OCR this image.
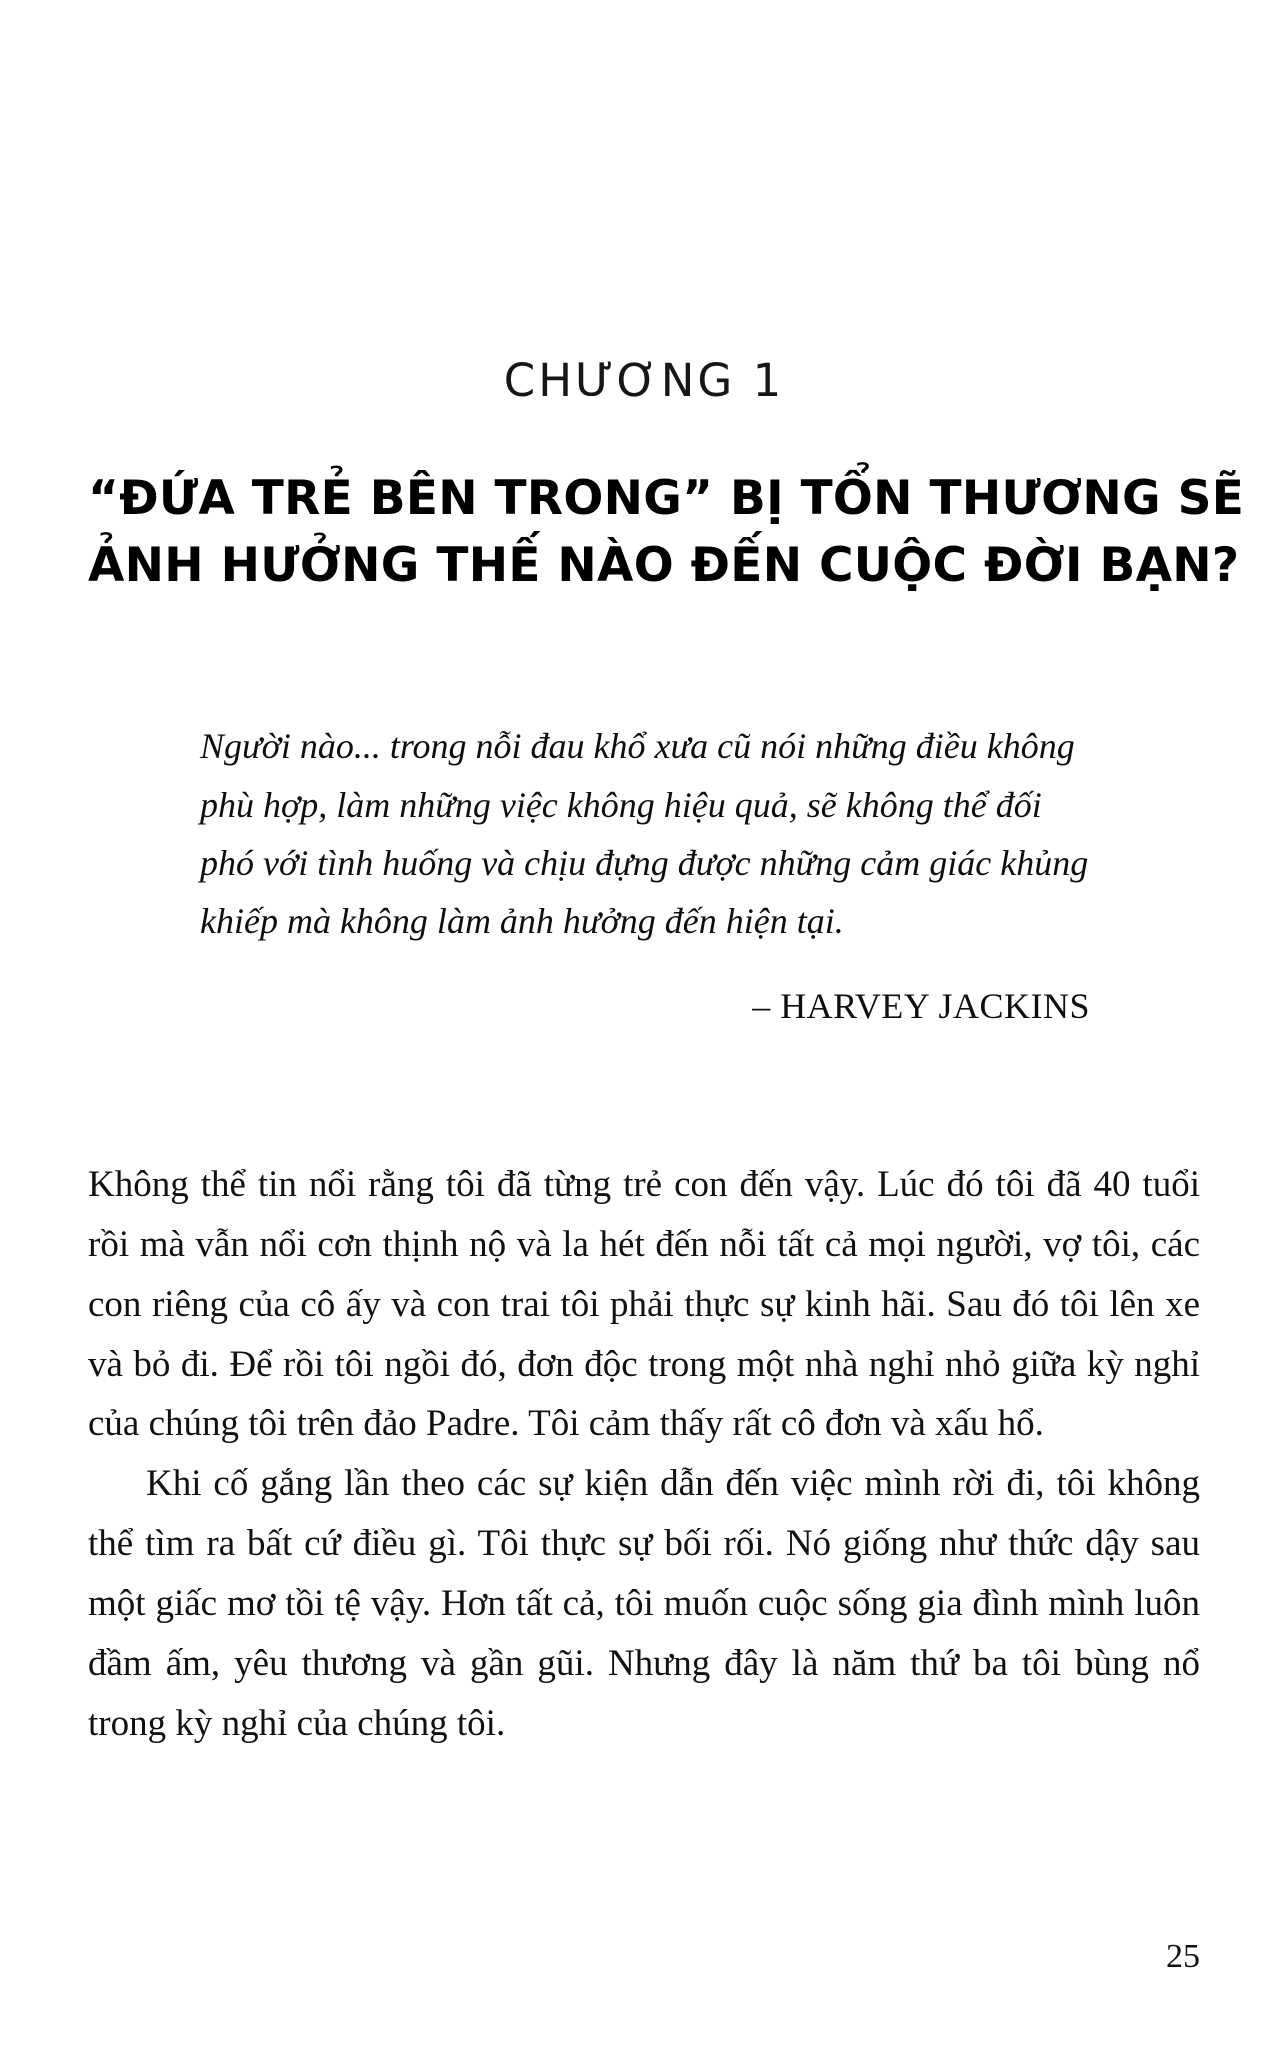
CHƯƠNG 1
“ĐỨA TRẺ BÊN TRONG” BỊ TỔN THƯƠNG SẼ
ẢNH HƯỞNG THẾ NÀO ĐẾN CUỘC ĐỜI BẠN?
Người nào... trong nỗi đau khổ xưa cũ nói những điều không
phù hợp, làm những việc không hiệu quả, sẽ không thể đối
phó với tình huống và chịu đựng được những cảm giác khủng
khiếp mà không làm ảnh hưởng đến hiện tại.
– HARVEY JACKINS

Không thể tin nổi rằng tôi đã từng trẻ con đến vậy. Lúc đó tôi đã 40 tuổi rồi mà vẫn nổi cơn thịnh nộ và la hét đến nỗi tất cả mọi người, vợ tôi, các con riêng của cô ấy và con trai tôi phải thực sự kinh hãi. Sau đó tôi lên xe và bỏ đi. Để rồi tôi ngồi đó, đơn độc trong một nhà nghỉ nhỏ giữa kỳ nghỉ của chúng tôi trên đảo Padre. Tôi cảm thấy rất cô đơn và xấu hổ.

Khi cố gắng lần theo các sự kiện dẫn đến việc mình rời đi, tôi không thể tìm ra bất cứ điều gì. Tôi thực sự bối rối. Nó giống như thức dậy sau một giấc mơ tồi tệ vậy. Hơn tất cả, tôi muốn cuộc sống gia đình mình luôn đầm ấm, yêu thương và gần gũi. Nhưng đây là năm thứ ba tôi bùng nổ trong kỳ nghỉ của chúng tôi.

25
